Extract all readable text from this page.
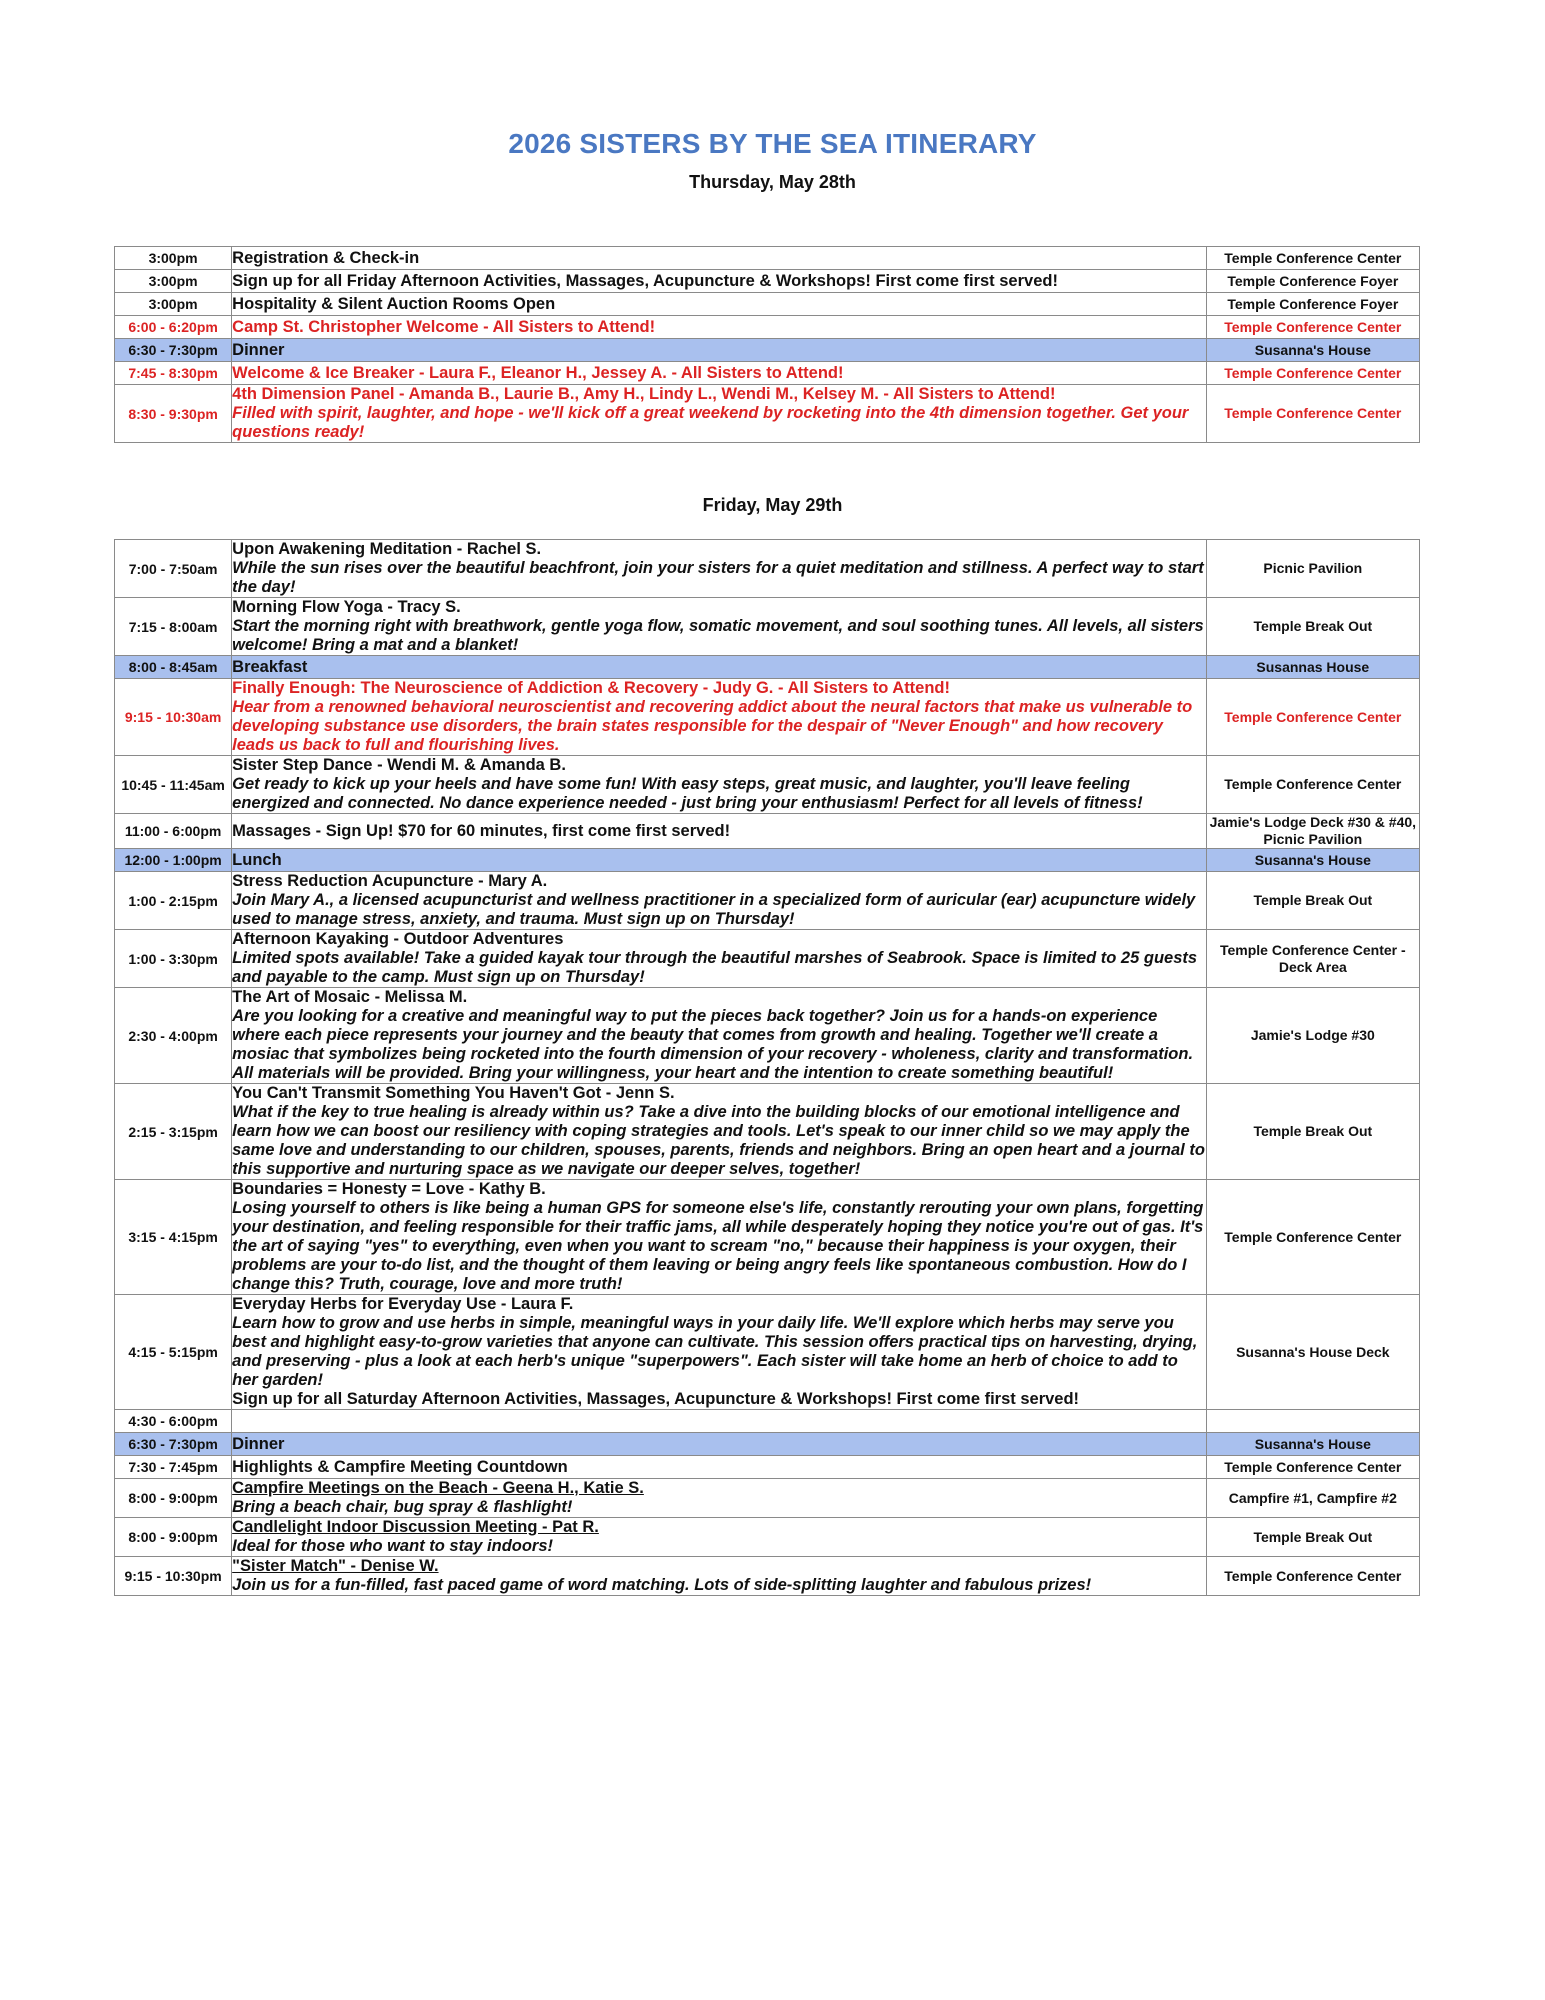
2026 SISTERS BY THE SEA ITINERARY
Thursday, May 28th
3:00pm	Registration & Check-in	Temple Conference Center
3:00pm	Sign up for all Friday Afternoon Activities, Massages, Acupuncture & Workshops! First come first served!	Temple Conference Foyer
3:00pm	Hospitality & Silent Auction Rooms Open	Temple Conference Foyer
6:00 - 6:20pm	Camp St. Christopher Welcome - All Sisters to Attend!	Temple Conference Center
6:30 - 7:30pm	Dinner	Susanna's House
7:45 - 8:30pm	Welcome & Ice Breaker - Laura F., Eleanor H., Jessey A. - All Sisters to Attend!	Temple Conference Center
8:30 - 9:30pm	4th Dimension Panel - Amanda B., Laurie B., Amy H., Lindy L., Wendi M., Kelsey M. - All Sisters to Attend!
Filled with spirit, laughter, and hope - we'll kick off a great weekend by rocketing into the 4th dimension together. Get your questions ready!	Temple Conference Center
Friday, May 29th
7:00 - 7:50am	Upon Awakening Meditation - Rachel S.
While the sun rises over the beautiful beachfront, join your sisters for a quiet meditation and stillness. A perfect way to start the day!	Picnic Pavilion
7:15 - 8:00am	Morning Flow Yoga - Tracy S.
Start the morning right with breathwork, gentle yoga flow, somatic movement, and soul soothing tunes. All levels, all sisters welcome! Bring a mat and a blanket!	Temple Break Out
8:00 - 8:45am	Breakfast	Susannas House
9:15 - 10:30am	Finally Enough: The Neuroscience of Addiction & Recovery - Judy G. - All Sisters to Attend!
Hear from a renowned behavioral neuroscientist and recovering addict about the neural factors that make us vulnerable to developing substance use disorders, the brain states responsible for the despair of "Never Enough" and how recovery leads us back to full and flourishing lives.	Temple Conference Center
10:45 - 11:45am	Sister Step Dance - Wendi M. & Amanda B.
Get ready to kick up your heels and have some fun! With easy steps, great music, and laughter, you'll leave feeling energized and connected. No dance experience needed - just bring your enthusiasm! Perfect for all levels of fitness!	Temple Conference Center
11:00 - 6:00pm	Massages - Sign Up! $70 for 60 minutes, first come first served!	Jamie's Lodge Deck #30 & #40, Picnic Pavilion
12:00 - 1:00pm	Lunch	Susanna's House
1:00 - 2:15pm	Stress Reduction Acupuncture - Mary A.
Join Mary A., a licensed acupuncturist and wellness practitioner in a specialized form of auricular (ear) acupuncture widely used to manage stress, anxiety, and trauma. Must sign up on Thursday!	Temple Break Out
1:00 - 3:30pm	Afternoon Kayaking - Outdoor Adventures
Limited spots available! Take a guided kayak tour through the beautiful marshes of Seabrook. Space is limited to 25 guests and payable to the camp. Must sign up on Thursday!	Temple Conference Center - Deck Area
2:30 - 4:00pm	The Art of Mosaic - Melissa M.
Are you looking for a creative and meaningful way to put the pieces back together? Join us for a hands-on experience where each piece represents your journey and the beauty that comes from growth and healing. Together we'll create a mosiac that symbolizes being rocketed into the fourth dimension of your recovery - wholeness, clarity and transformation. All materials will be provided. Bring your willingness, your heart and the intention to create something beautiful!	Jamie's Lodge #30
2:15 - 3:15pm	You Can't Transmit Something You Haven't Got - Jenn S.
What if the key to true healing is already within us? Take a dive into the building blocks of our emotional intelligence and learn how we can boost our resiliency with coping strategies and tools. Let's speak to our inner child so we may apply the same love and understanding to our children, spouses, parents, friends and neighbors. Bring an open heart and a journal to this supportive and nurturing space as we navigate our deeper selves, together!	Temple Break Out
3:15 - 4:15pm	Boundaries = Honesty = Love - Kathy B.
Losing yourself to others is like being a human GPS for someone else's life, constantly rerouting your own plans, forgetting your destination, and feeling responsible for their traffic jams, all while desperately hoping they notice you're out of gas. It's the art of saying "yes" to everything, even when you want to scream "no," because their happiness is your oxygen, their problems are your to-do list, and the thought of them leaving or being angry feels like spontaneous combustion. How do I change this? Truth, courage, love and more truth!	Temple Conference Center
4:15 - 5:15pm	Everyday Herbs for Everyday Use - Laura F.
Learn how to grow and use herbs in simple, meaningful ways in your daily life. We'll explore which herbs may serve you best and highlight easy-to-grow varieties that anyone can cultivate. This session offers practical tips on harvesting, drying, and preserving - plus a look at each herb's unique "superpowers". Each sister will take home an herb of choice to add to her garden!
Sign up for all Saturday Afternoon Activities, Massages, Acupuncture & Workshops! First come first served!	Susanna's House Deck
4:30 - 6:00pm		
6:30 - 7:30pm	Dinner	Susanna's House
7:30 - 7:45pm	Highlights & Campfire Meeting Countdown	Temple Conference Center
8:00 - 9:00pm	Campfire Meetings on the Beach - Geena H., Katie S.
Bring a beach chair, bug spray & flashlight!	Campfire #1, Campfire #2
8:00 - 9:00pm	Candlelight Indoor Discussion Meeting - Pat R.
Ideal for those who want to stay indoors!	Temple Break Out
9:15 - 10:30pm	"Sister Match" - Denise W.
Join us for a fun-filled, fast paced game of word matching. Lots of side-splitting laughter and fabulous prizes!	Temple Conference Center
